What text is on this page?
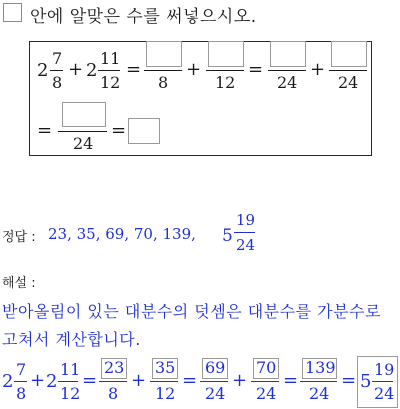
안에 알맞은 수를 써넣으시오.
2
7
8
+ 2
11
12
=
8
+
12
=
24
+
24
=
24
=
정답 : 23, 35, 69, 70, 139, 5
19
24
해설 :
받아올림이 있는 대분수의 덧셈은 대분수를 가분수로
고쳐서 계산합니다.
2
7
8
+ 2
11
12
=
23
8
+
35
12
=
69
24
+
70
24
=
139
24
= 5
19
24
